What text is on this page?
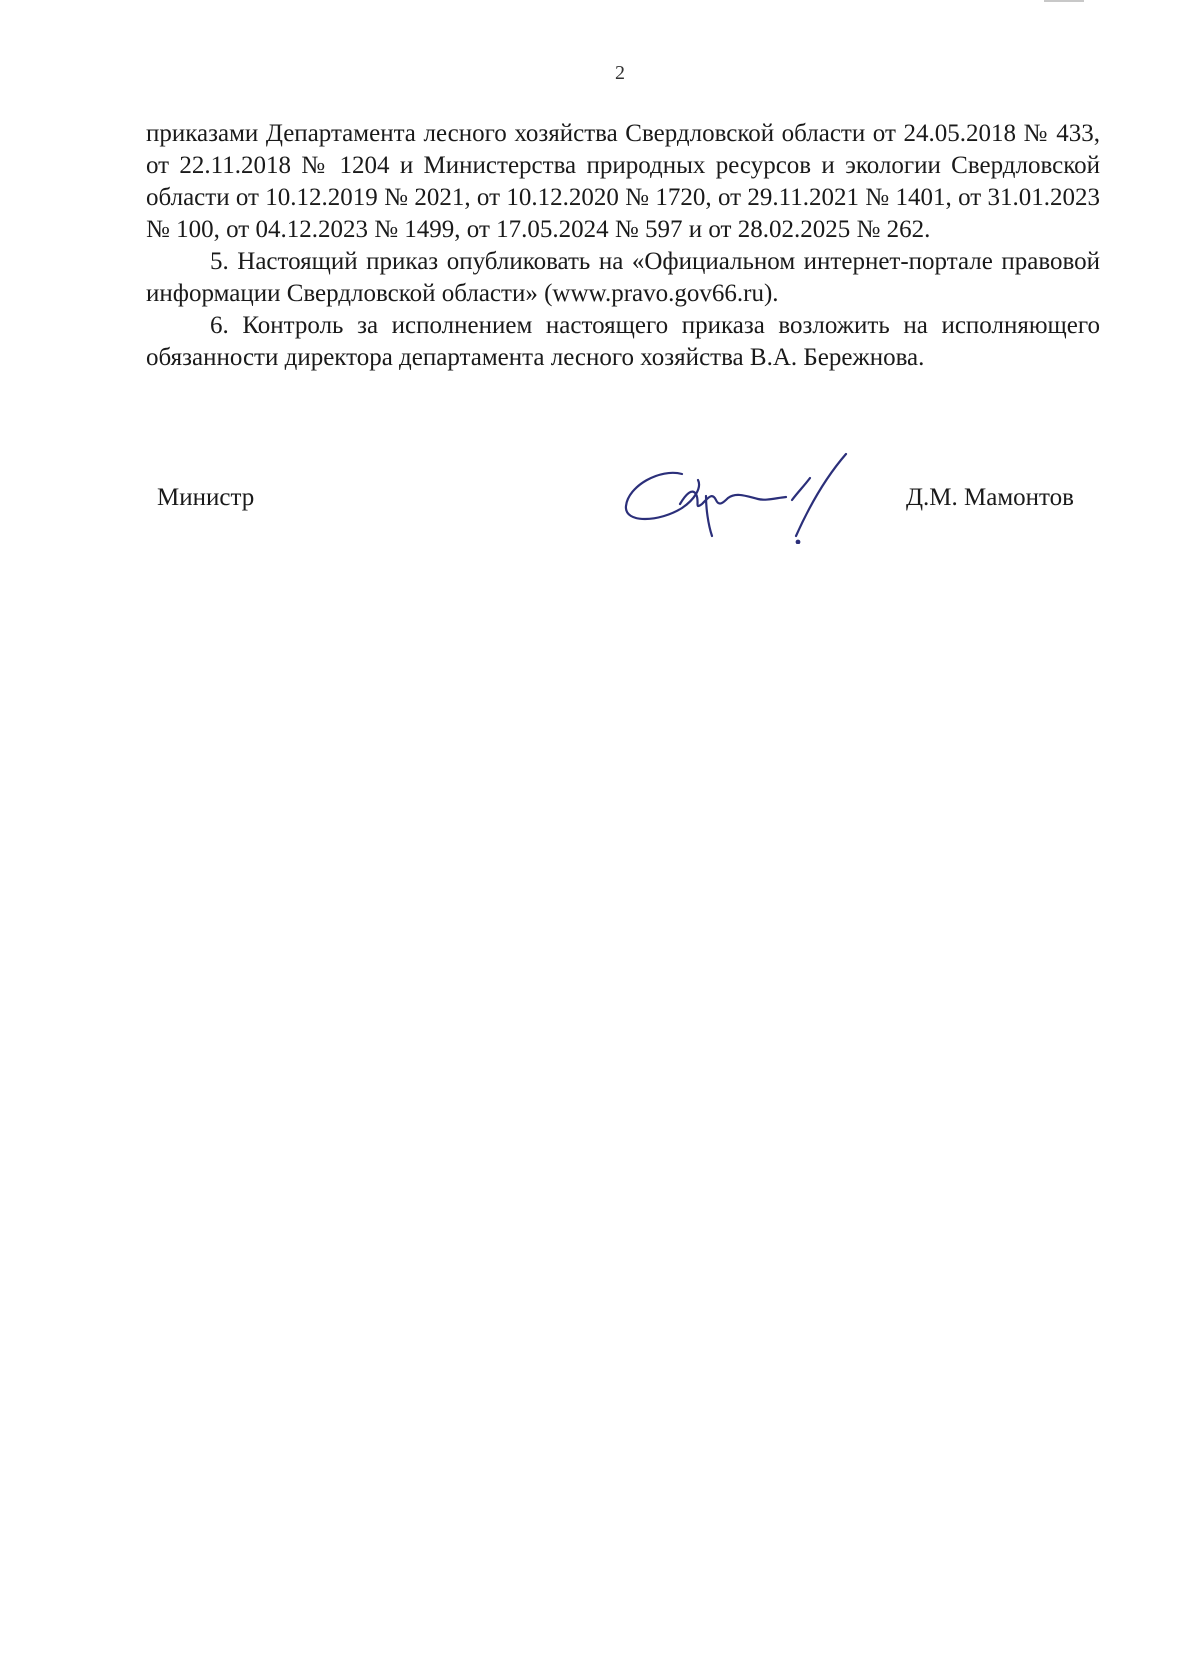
2

приказами Департамента лесного хозяйства Свердловской области от 24.05.2018 № 433, от 22.11.2018 № 1204 и Министерства природных ресурсов и экологии Свердловской области от 10.12.2019 № 2021, от 10.12.2020 № 1720, от 29.11.2021 № 1401, от 31.01.2023 № 100, от 04.12.2023 № 1499, от 17.05.2024 № 597 и от 28.02.2025 № 262.

5. Настоящий приказ опубликовать на «Официальном интернет-портале правовой информации Свердловской области» (www.pravo.gov66.ru).

6. Контроль за исполнением настоящего приказа возложить на исполняющего обязанности директора департамента лесного хозяйства В.А. Бережнова.

Министр	Д.М. Мамонтов
